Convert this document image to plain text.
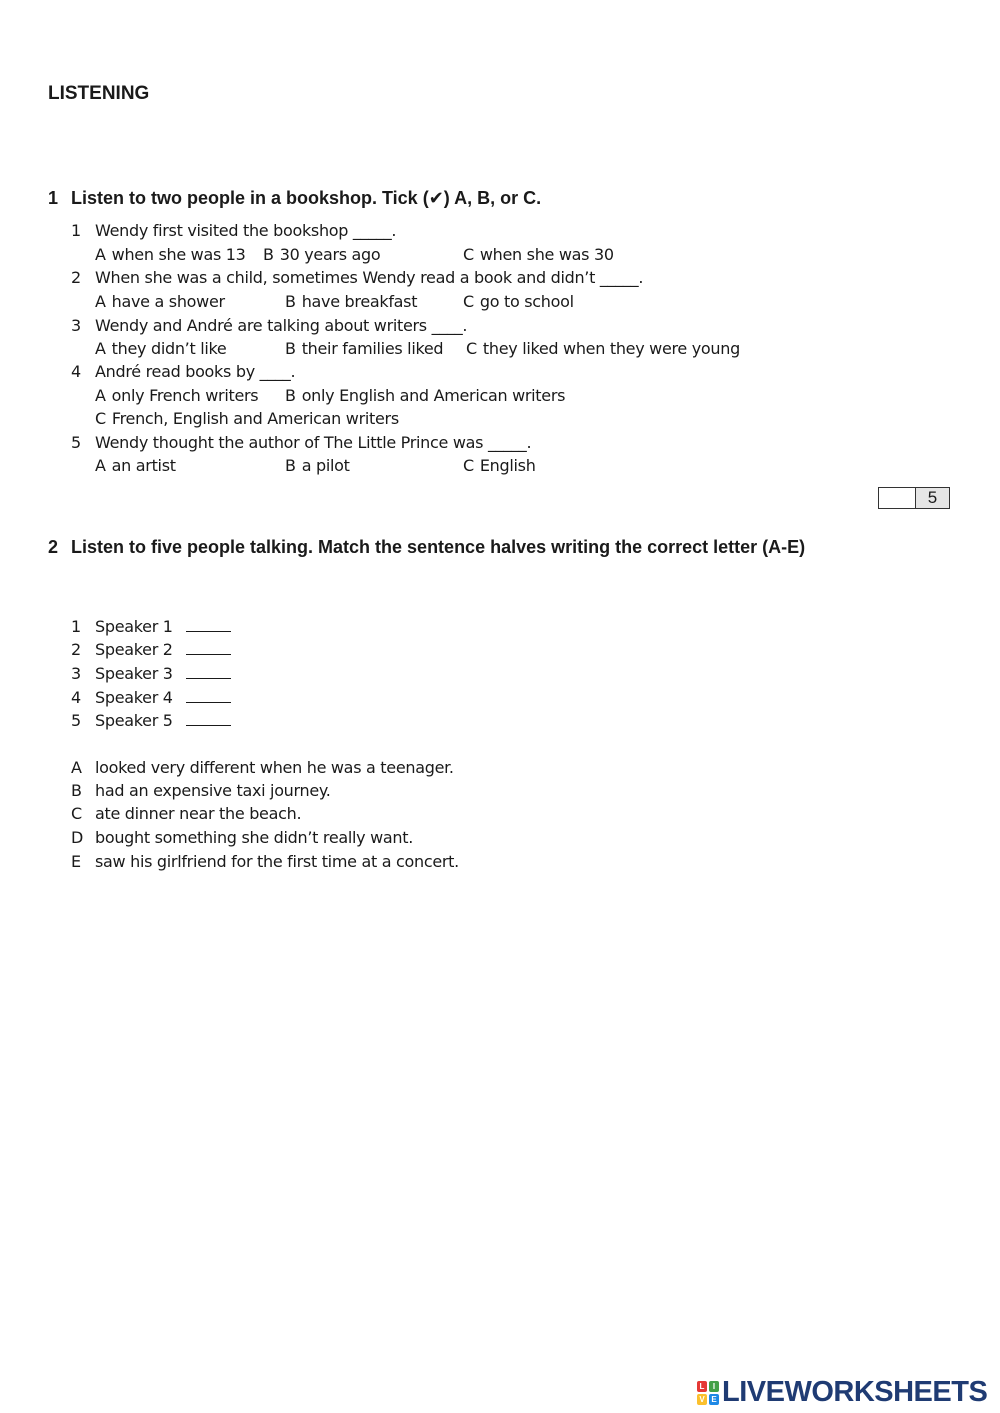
LISTENING
1 Listen to two people in a bookshop. Tick (✔) A, B, or C.
1 Wendy first visited the bookshop _____.
A when she was 13 B 30 years ago	C when she was 30
2 When she was a child, sometimes Wendy read a book and didn’t _____.
A have a shower	B have breakfast	C go to school
3 Wendy and André are talking about writers ____.
A they didn’t like	B their families liked C they liked when they were young
4 André read books by ____.
A only French writers B only English and American writers
C French, English and American writers
5 Wendy thought the author of The Little Prince was _____.
A an artist	B a pilot	C English
5
2 Listen to five people talking. Match the sentence halves writing the correct letter (A-E)
1 Speaker 1
2 Speaker 2
3 Speaker 3
4 Speaker 4
5 Speaker 5
A looked very different when he was a teenager.
B had an expensive taxi journey.
C ate dinner near the beach.
D bought something she didn’t really want.
E saw his girlfriend for the first time at a concert.
L	I
V E LIVEWORKSHEETS
